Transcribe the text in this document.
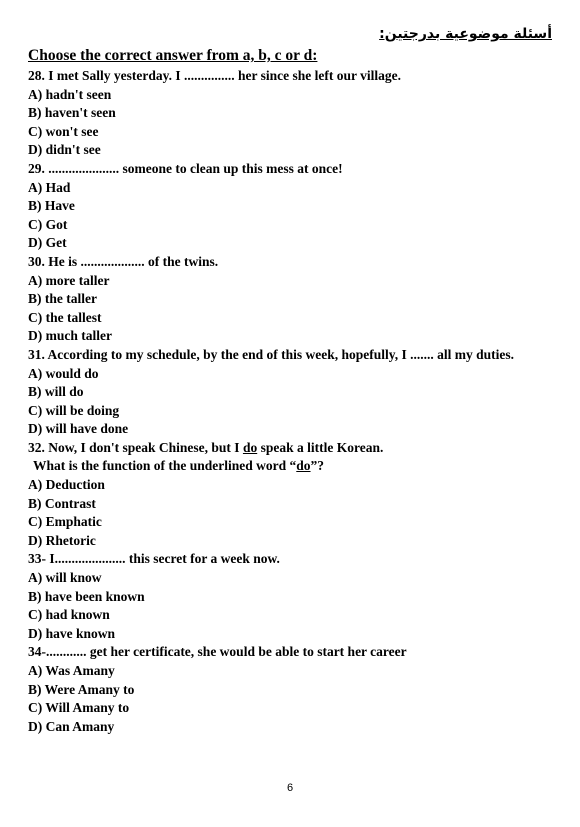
أسئلة موضوعية بدرجتين:
Choose the correct answer from a, b, c or d:
28. I met Sally yesterday. I ............... her since she left our village.
A) hadn't seen
B) haven't seen
C) won't see
D) didn't see
29. ..................... someone to clean up this mess at once!
A) Had
B) Have
C) Got
D) Get
30. He is ................... of the twins.
A) more taller
B) the taller
C) the tallest
D) much taller
31. According to my schedule, by the end of this week, hopefully, I ....... all my duties.
A) would do
B) will do
C) will be doing
D) will have done
32. Now, I don't speak Chinese, but I do speak a little Korean.
What is the function of the underlined word “do”?
A) Deduction
B) Contrast
C) Emphatic
D) Rhetoric
33- I..................... this secret for a week now.
A) will know
B) have been known
C) had known
D) have known
34-............ get her certificate, she would be able to start her career
A) Was Amany
B) Were Amany to
C) Will Amany to
D) Can Amany
6
